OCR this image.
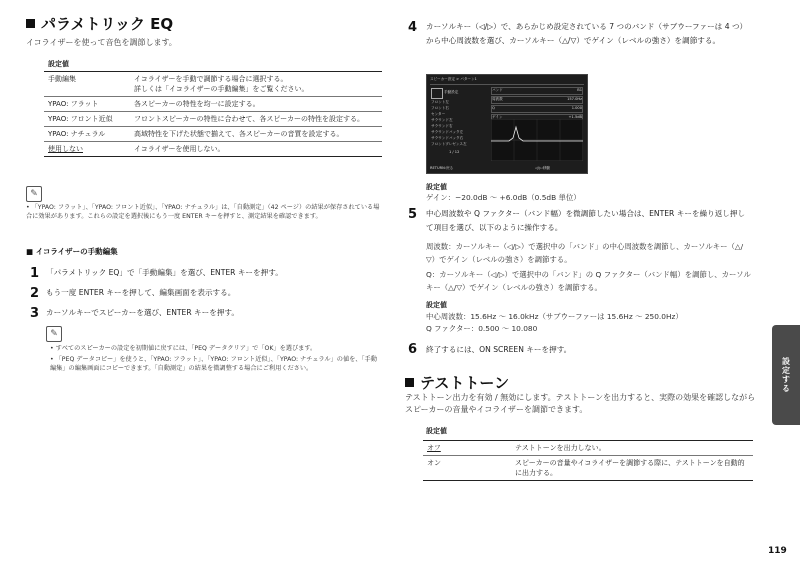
パラメトリック EQ
イコライザーを使って音色を調節します。
設定値
手動編集	イコライザーを手動で調節する場合に選択する。
詳しくは「イコライザーの手動編集」をご覧ください。
YPAO: フラット	各スピーカーの特性を均一に設定する。
YPAO: フロント近似	フロントスピーカーの特性に合わせて、各スピーカーの特性を設定する。
YPAO: ナチュラル	高域特性を下げた状態で揃えて、各スピーカーの音質を設定する。
使用しない	イコライザーを使用しない。
✎
• 「YPAO: フラット」、「YPAO: フロント近似」、「YPAO: ナチュラル」は、「自動測定」（42 ページ）の結果が保存されている場合に効果があります。これらの設定を選択後にもう一度 ENTER キーを押すと、測定結果を確認できます。
■ イコライザーの手動編集
1 「パラメトリック EQ」で「手動編集」を選び、ENTER キーを押す。
2 もう一度 ENTER キーを押して、編集画面を表示する。
3 カーソルキーでスピーカーを選び、ENTER キーを押す。
✎
• すべてのスピーカーの設定を初期値に戻すには、「PEQ データクリア」で「OK」を選びます。
• 「PEQ データコピー」を使うと、「YPAO: フラット」、「YPAO: フロント近似」、「YPAO: ナチュラル」の値を、「手動編集」の編集画面にコピーできます。「自動測定」の結果を微調整する場合にご利用ください。
4	カーソルキー（◁/▷）で、あらかじめ設定されている 7 つのバンド（サブウーファーは 4 つ）から中心周波数を選び、カーソルキー（△/▽）でゲイン（レベルの強さ）を調節する。
スピーカー設定 > パターン1
手動設定
フロント左
フロント右
センター
サラウンド左
サラウンド右
サラウンドバック左
サラウンドバック右
フロントプレゼンス左
1 / 12
バンド	B1
周波数	157.0Hz
Q	1.000
ゲイン	+1.5dB
RETURN:戻る	◁/▷:移動
設定値
ゲイン：−20.0dB 〜 +6.0dB（0.5dB 単位）
5	中心周波数や Q ファクター（バンド幅）を微調節したい場合は、ENTER キーを繰り返し押して項目を選び、以下のように操作する。
周波数：カーソルキー（◁/▷）で選択中の「バンド」の中心周波数を調節し、カーソルキー（△/▽）でゲイン（レベルの強さ）を調節する。
Q：カーソルキー（◁/▷）で選択中の「バンド」の Q ファクター（バンド幅）を調節し、カーソルキー（△/▽）でゲイン（レベルの強さ）を調節する。
設定値
中心周波数：15.6Hz 〜 16.0kHz（サブウーファーは 15.6Hz 〜 250.0Hz）
Q ファクター：0.500 〜 10.080
6	終了するには、ON SCREEN キーを押す。
テストトーン
テストトーン出力を有効 / 無効にします。テストトーンを出力すると、実際の効果を確認しながらスピーカーの音量やイコライザーを調節できます。
設定値
オフ	テストトーンを出力しない。
オン	スピーカーの音量やイコライザーを調節する際に、テストトーンを自動的に出力する。
設定する
119
